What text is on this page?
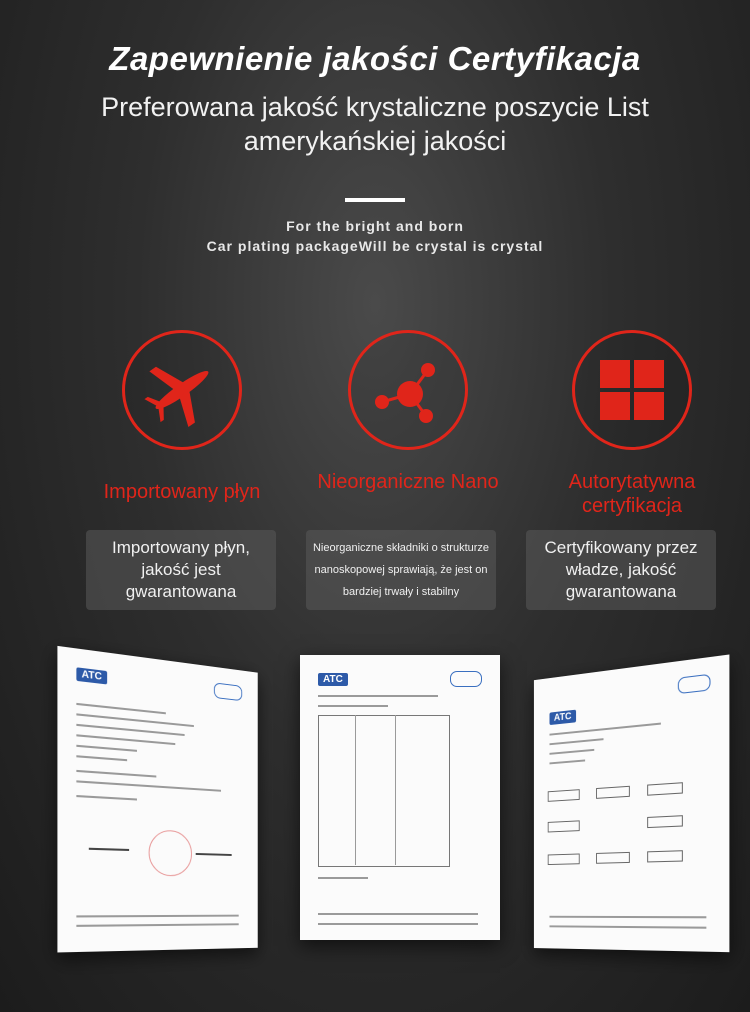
Zapewnienie jakości Certyfikacja
Preferowana jakość krystaliczne poszycie List amerykańskiej jakości
For the bright and born
Car plating packageWill be crystal is crystal
Importowany płyn	Nieorganiczne Nano	Autorytatywna certyfikacja
Importowany płyn, jakość jest gwarantowana
Nieorganiczne składniki o strukturze nanoskopowej sprawiają, że jest on bardziej trwały i stabilny
Certyfikowany przez władze, jakość gwarantowana
ATC	ATC
ATC
